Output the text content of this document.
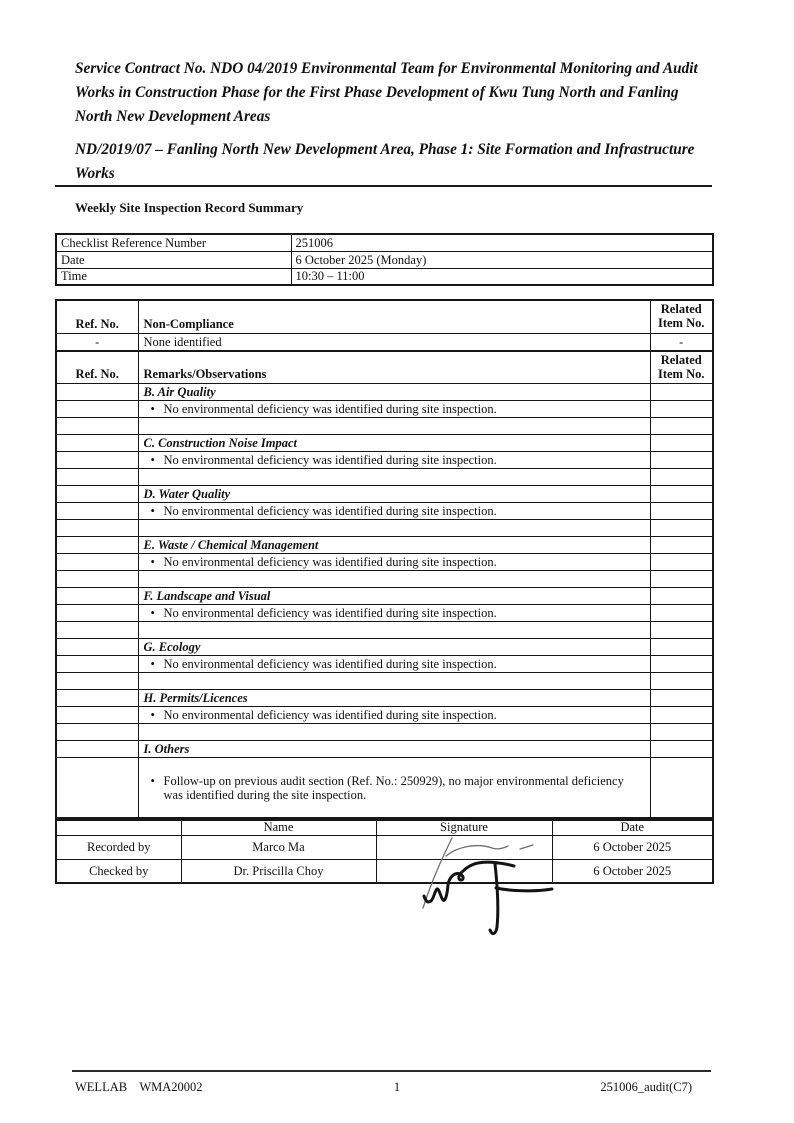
Service Contract No. NDO 04/2019 Environmental Team for Environmental Monitoring and Audit Works in Construction Phase for the First Phase Development of Kwu Tung North and Fanling North New Development Areas

ND/2019/07 – Fanling North New Development Area, Phase 1: Site Formation and Infrastructure Works

Weekly Site Inspection Record Summary
Checklist Reference Number	251006
Date	6 October 2025 (Monday)
Time	10:30 – 11:00
Ref. No.	Non-Compliance	Related Item No.
-	None identified	-
Ref. No.	Remarks/Observations	Related Item No.
	B. Air Quality	

	• No environmental deficiency was identified during site inspection.	

	C. Construction Noise Impact	

	• No environmental deficiency was identified during site inspection.	

	D. Water Quality	

	• No environmental deficiency was identified during site inspection.	

	E. Waste / Chemical Management	

	• No environmental deficiency was identified during site inspection.	

	F. Landscape and Visual	

	• No environmental deficiency was identified during site inspection.	

	G. Ecology	

	• No environmental deficiency was identified during site inspection.	

	H. Permits/Licences	

	• No environmental deficiency was identified during site inspection.	

	I. Others	

	• Follow-up on previous audit section (Ref. No.: 250929), no major environmental deficiency was identified during the site inspection.	

	Name	Signature	Date
Recorded by	Marco Ma		6 October 2025
Checked by	Dr. Priscilla Choy		6 October 2025
WELLAB    WMA20002	1	251006_audit(C7)
